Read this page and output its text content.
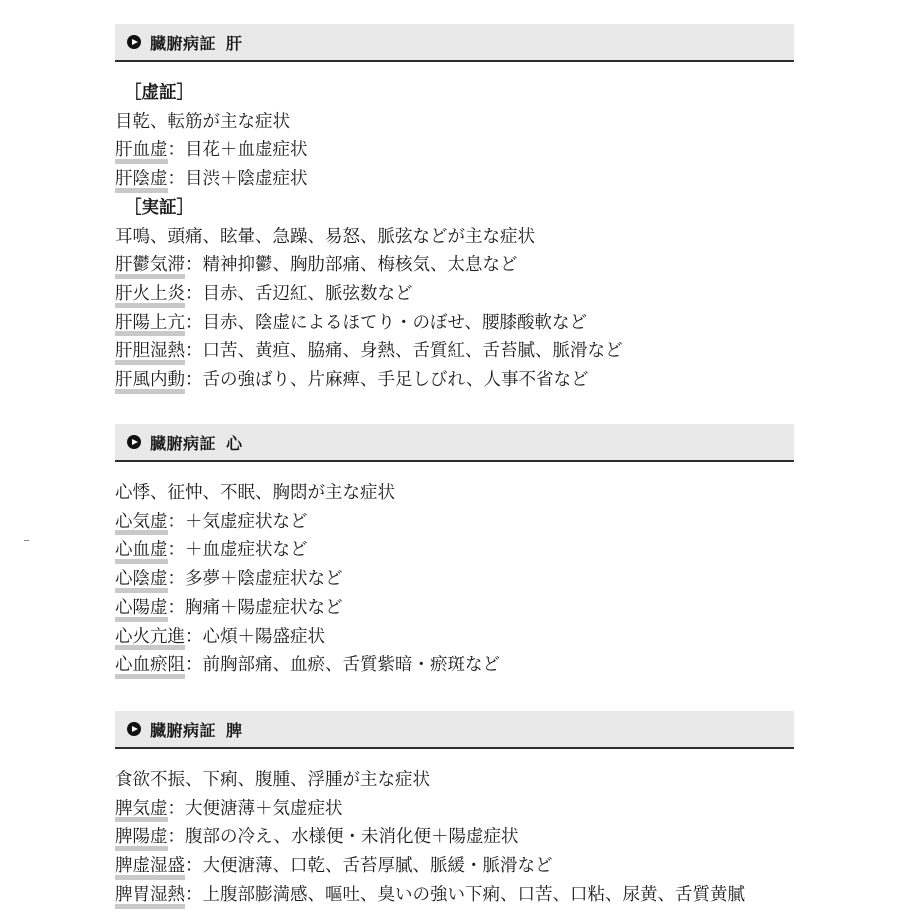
臓腑病証 肝
［虚証］
目乾、転筋が主な症状
肝血虚：目花＋血虚症状
肝陰虚：目渋＋陰虚症状
［実証］
耳鳴、頭痛、眩暈、急躁、易怒、脈弦などが主な症状
肝鬱気滞：精神抑鬱、胸肋部痛、梅核気、太息など
肝火上炎：目赤、舌辺紅、脈弦数など
肝陽上亢：目赤、陰虚によるほてり・のぼせ、腰膝酸軟など
肝胆湿熱：口苦、黄疸、脇痛、身熱、舌質紅、舌苔膩、脈滑など
肝風内動：舌の強ばり、片麻痺、手足しびれ、人事不省など
臓腑病証 心
心悸、征忡、不眠、胸悶が主な症状
心気虚：＋気虚症状など
心血虚：＋血虚症状など
心陰虚：多夢＋陰虚症状など
心陽虚：胸痛＋陽虚症状など
心火亢進：心煩＋陽盛症状
心血瘀阻：前胸部痛、血瘀、舌質紫暗・瘀斑など
臓腑病証 脾
食欲不振、下痢、腹腫、浮腫が主な症状
脾気虚：大便溏薄＋気虚症状
脾陽虚：腹部の冷え、水様便・未消化便＋陽虚症状
脾虚湿盛：大便溏薄、口乾、舌苔厚膩、脈緩・脈滑など
脾胃湿熱：上腹部膨満感、嘔吐、臭いの強い下痢、口苦、口粘、尿黄、舌質黄膩
